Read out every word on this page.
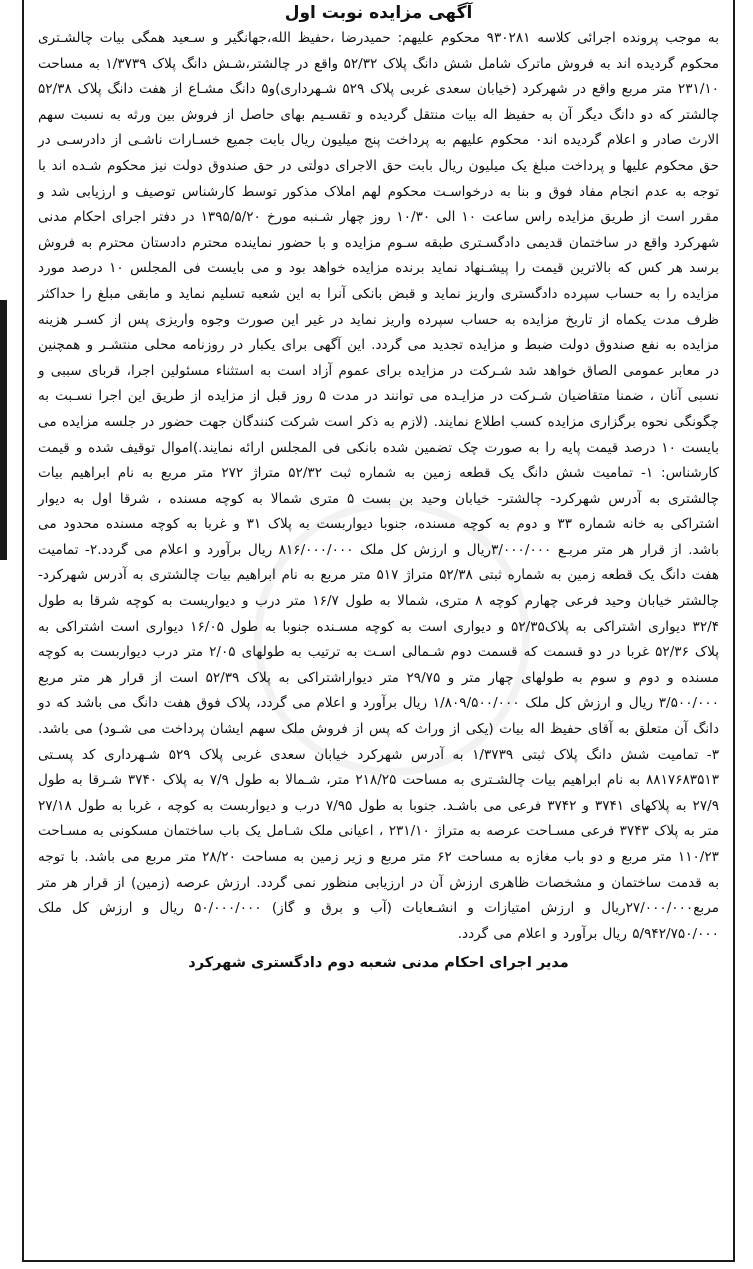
آگهی مزایده نوبت اول

به موجب پرونده اجرائی کلاسه ۹۳۰۲۸۱ محکوم علیهم: حمیدرضا ،حفیظ الله،جهانگیر و سـعید همگی بیات چالشـتری محکوم گردیده اند به فروش ماترک شامل شش دانگ پلاک ۵۲/۳۲ واقع در چالشتر،شـش دانگ پلاک ۱/۳۷۳۹ به مساحت ۲۳۱/۱۰ متر مربع واقع در شهرکرد (خیابان سعدی غربی پلاک ۵۲۹ شـهرداری)و۵ دانگ مشـاع از هفت دانگ پلاک ۵۲/۳۸ چالشتر که دو دانگ دیگر آن به حفیظ اله بیات منتقل گردیده و تقسـیم بهای حاصل از فروش بین ورثه به نسبت سهم الارث صادر و اعلام گردیده اند۰ محکوم علیهم به پرداخت پنج میلیون ریال بابت جمیع خسـارات ناشـی از دادرسـی در حق محکوم علیها و پرداخت مبلغ یک میلیون ریال بابت حق الاجرای دولتی در حق صندوق دولت نیز محکوم شـده اند با توجه به عدم انجام مفاد فوق و بنا به درخواسـت محکوم لهم املاک مذکور توسط کارشناس توصیف و ارزیابی شد و مقرر است از طریق مزایده راس ساعت ۱۰ الی ۱۰/۳۰ روز چهار شـنبه مورخ ۱۳۹۵/۵/۲۰ در دفتر اجرای احکام مدنی شهرکرد واقع در ساختمان قدیمی دادگسـتری طبقه سـوم مزایده و با حضور نماینده محترم دادستان محترم به فروش برسد هر کس که بالاترین قیمت را پیشـنهاد نماید برنده مزایده خواهد بود و می بایست فی المجلس ۱۰ درصد مورد مزایده را به حساب سپرده دادگستری واریز نماید و قبض بانکی آنرا به این شعبه تسلیم نماید و مابقی مبلغ را حداکثر ظرف مدت یکماه از تاریخ مزایده به حساب سپرده واریز نماید در غیر این صورت وجوه واریزی پس از کسـر هزینه مزایده به نفع صندوق دولت ضبط و مزایده تجدید می گردد. این آگهی برای یکبار در روزنامه محلی منتشـر و همچنین در معابر عمومی الصاق خواهد شد شـرکت در مزایده برای عموم آزاد است به استثناء مسئولین اجرا، قربای سببی و نسبی آنان ، ضمنا متقاضیان شـرکت در مزایـده می توانند در مدت ۵ روز قبل از مزایده از طریق این اجرا نسـبت به چگونگی نحوه برگزاری مزایده کسب اطلاع نمایند. (لازم به ذکر است شرکت کنندگان جهت حضور در جلسه مزایده می بایست ۱۰ درصد قیمت پایه را به صورت چک تضمین شده بانکی فی المجلس ارائه نمایند.)اموال توقیف شده و قیمت کارشناس: ۱- تمامیت شش دانگ یک قطعه زمین به شماره ثبت ۵۲/۳۲ متراژ ۲۷۲ متر مربع به نام ابراهیم بیات چالشتری به آدرس شهرکرد- چالشتر- خیابان وحید بن بست ۵ متری شمالا به کوچه مسنده ، شرقا اول به دیوار اشتراکی به خانه شماره ۳۳ و دوم به کوچه مسنده، جنوبا دیواربست به پلاک ۳۱ و غربا به کوچه مسنده محدود می باشد. از قرار هر متر مربـع ۳/۰۰۰/۰۰۰ریال و ارزش کل ملک ۸۱۶/۰۰۰/۰۰۰ ریال برآورد و اعلام می گردد.۲- تمامیت هفت دانگ یک قطعه زمین به شماره ثبتی ۵۲/۳۸ متراژ ۵۱۷ متر مربع به نام ابراهیم بیات چالشتری به آدرس شهرکرد- چالشتر خیابان وحید فرعی چهارم کوچه ۸ متری، شمالا به طول ۱۶/۷ متر درب و دیواریست به کوچه شرقا به طول ۳۲/۴ دیواری اشتراکی به پلاک۵۲/۳۵ و دیواری است به کوچه مسـنده جنوبا به طول ۱۶/۰۵ دیواری است اشتراکی به پلاک ۵۲/۳۶ غربا در دو قسمت که قسمت دوم شـمالی اسـت به ترتیب به طولهای ۲/۰۵ متر درب دیواربست به کوچه مسنده و دوم و سوم به طولهای چهار متر و ۲۹/۷۵ متر دیواراشتراکی به پلاک ۵۲/۳۹ است از قرار هر متر مربع ۳/۵۰۰/۰۰۰ ریال و ارزش کل ملک ۱/۸۰۹/۵۰۰/۰۰۰ ریال برآورد و اعلام می گردد، پلاک فوق هفت دانگ می باشد که دو دانگ آن متعلق به آقای حفیظ اله بیات (یکی از وراث که پس از فروش ملک سهم ایشان پرداخت می شـود) می باشد. ۳- تمامیت شش دانگ پلاک ثبتی ۱/۳۷۳۹ به آدرس شهرکرد خیابان سعدی غربی پلاک ۵۲۹ شـهرداری کد پسـتی ۸۸۱۷۶۸۳۵۱۳ به نام ابراهیم بیات چالشـتری به مساحت ۲۱۸/۲۵ متر، شـمالا به طول ۷/۹ به پلاک ۳۷۴۰ شـرقا به طول ۲۷/۹ به پلاکهای ۳۷۴۱ و ۳۷۴۲ فرعی می باشـد. جنوبا به طول ۷/۹۵ درب و دیواربست به کوچه ، غربا به طول ۲۷/۱۸ متر به پلاک ۳۷۴۳ فرعی مسـاحت عرصه به متراژ ۲۳۱/۱۰ ، اعیانی ملک شـامل یک باب ساختمان مسکونی به مسـاحت ۱۱۰/۲۳ متر مربع و دو باب مغازه به مساحت ۶۲ متر مربع و زیر زمین به مساحت ۲۸/۲۰ متر مربع می باشد. با توجه به قدمت ساختمان و مشخصات ظاهری ارزش آن در ارزیابی منظور نمی گردد. ارزش عرصه (زمین) از قرار هر متر مربع۲۷/۰۰۰/۰۰۰ریال و ارزش امتیازات و انشـعابات (آب و برق و گاز) ۵۰/۰۰۰/۰۰۰ ریال و ارزش کل ملک ۵/۹۴۲/۷۵۰/۰۰۰ ریال برآورد و اعلام می گردد.

مدیر اجرای احکام مدنی شعبه دوم دادگستری شهرکرد
